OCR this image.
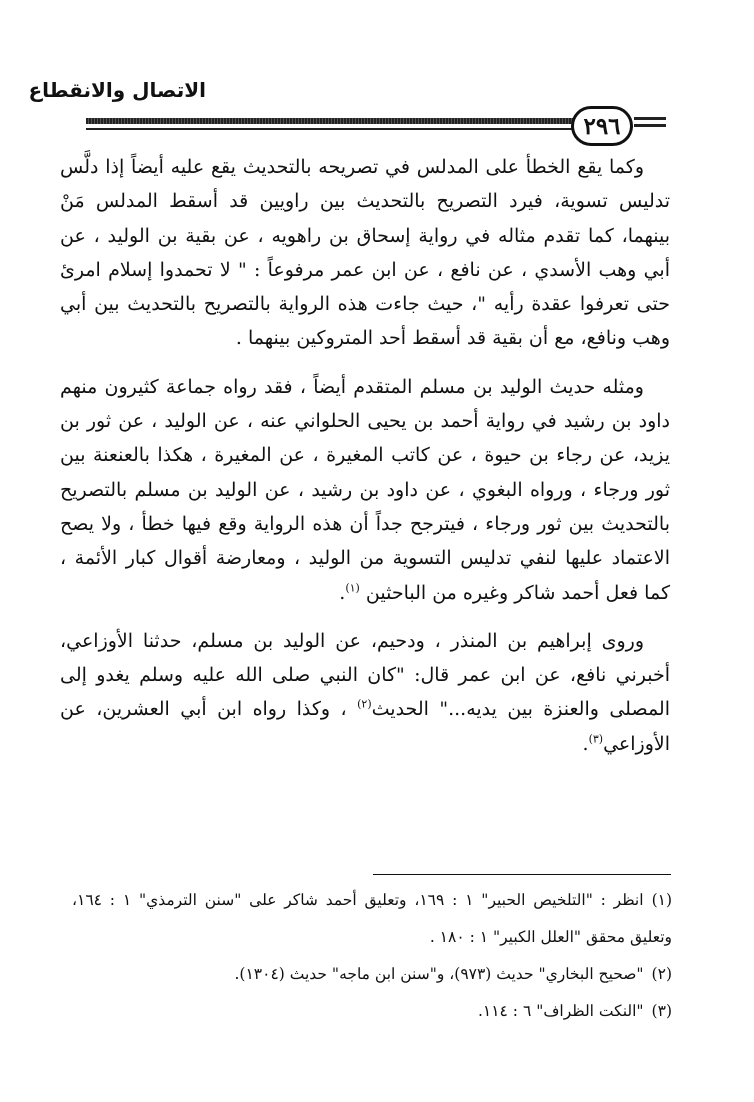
الاتصال والانقطاع
٢٩٦

وكما يقع الخطأ على المدلس في تصريحه بالتحديث يقع عليه أيضاً إذا دلَّس تدليس تسوية، فيرد التصريح بالتحديث بين راويين قد أسقط المدلس مَنْ بينهما، كما تقدم مثاله في رواية إسحاق بن راهويه ، عن بقية بن الوليد ، عن أبي وهب الأسدي ، عن نافع ، عن ابن عمر مرفوعاً : " لا تحمدوا إسلام امرئ حتى تعرفوا عقدة رأيه "، حيث جاءت هذه الرواية بالتصريح بالتحديث بين أبي وهب ونافع، مع أن بقية قد أسقط أحد المتروكين بينهما .

ومثله حديث الوليد بن مسلم المتقدم أيضاً ، فقد رواه جماعة كثيرون منهم داود بن رشيد في رواية أحمد بن يحيى الحلواني عنه ، عن الوليد ، عن ثور بن يزيد، عن رجاء بن حيوة ، عن كاتب المغيرة ، عن المغيرة ، هكذا بالعنعنة بين ثور ورجاء ، ورواه البغوي ، عن داود بن رشيد ، عن الوليد بن مسلم بالتصريح بالتحديث بين ثور ورجاء ، فيترجح جداً أن هذه الرواية وقع فيها خطأ ، ولا يصح الاعتماد عليها لنفي تدليس التسوية من الوليد ، ومعارضة أقوال كبار الأئمة ، كما فعل أحمد شاكر وغيره من الباحثين $^{(١)}$.

وروى إبراهيم بن المنذر ، ودحيم، عن الوليد بن مسلم، حدثنا الأوزاعي، أخبرني نافع، عن ابن عمر قال: "كان النبي صلى الله عليه وسلم يغدو إلى المصلى والعنزة بين يديه..." الحديث$^{(٢)}$ ، وكذا رواه ابن أبي العشرين، عن الأوزاعي$^{(٣)}$.

(١)انظر : "التلخيص الحبير" ١ : ١٦٩، وتعليق أحمد شاكر على "سنن الترمذي" ١ : ١٦٤، وتعليق محقق "العلل الكبير" ١ : ١٨٠ .

(٢)"صحيح البخاري" حديث (٩٧٣)، و"سنن ابن ماجه" حديث (١٣٠٤).

(٣)"النكت الظراف" ٦ : ١١٤.
